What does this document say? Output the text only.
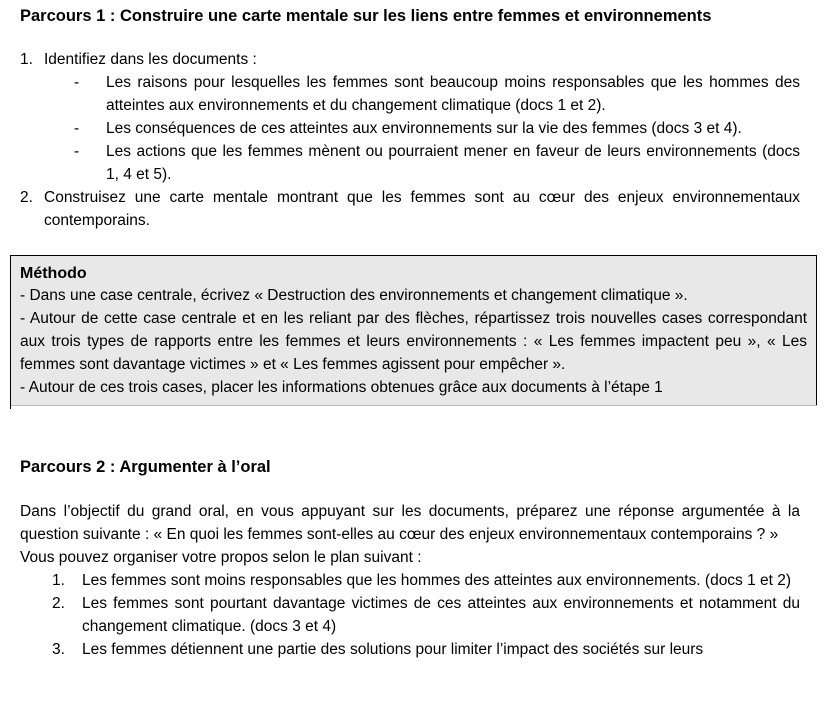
Parcours 1 : Construire une carte mentale sur les liens entre femmes et environnements
1. Identifiez dans les documents :
- Les raisons pour lesquelles les femmes sont beaucoup moins responsables que les hommes des atteintes aux environnements et du changement climatique (docs 1 et 2).
- Les conséquences de ces atteintes aux environnements sur la vie des femmes (docs 3 et 4).
- Les actions que les femmes mènent ou pourraient mener en faveur de leurs environnements (docs 1, 4 et 5).
2. Construisez une carte mentale montrant que les femmes sont au cœur des enjeux environnementaux contemporains.
Méthodo

- Dans une case centrale, écrivez « Destruction des environnements et changement climatique ».

- Autour de cette case centrale et en les reliant par des flèches, répartissez trois nouvelles cases correspondant aux trois types de rapports entre les femmes et leurs environnements : « Les femmes impactent peu », « Les femmes sont davantage victimes » et « Les femmes agissent pour empêcher ».

- Autour de ces trois cases, placer les informations obtenues grâce aux documents à l’étape 1

Parcours 2 : Argumenter à l’oral

Dans l’objectif du grand oral, en vous appuyant sur les documents, préparez une réponse argumentée à la question suivante : « En quoi les femmes sont-elles au cœur des enjeux environnementaux contemporains ? »

Vous pouvez organiser votre propos selon le plan suivant :

1. Les femmes sont moins responsables que les hommes des atteintes aux environnements. (docs 1 et 2)
2. Les femmes sont pourtant davantage victimes de ces atteintes aux environnements et notamment du changement climatique. (docs 3 et 4)
3. Les femmes détiennent une partie des solutions pour limiter l’impact des sociétés sur leurs
